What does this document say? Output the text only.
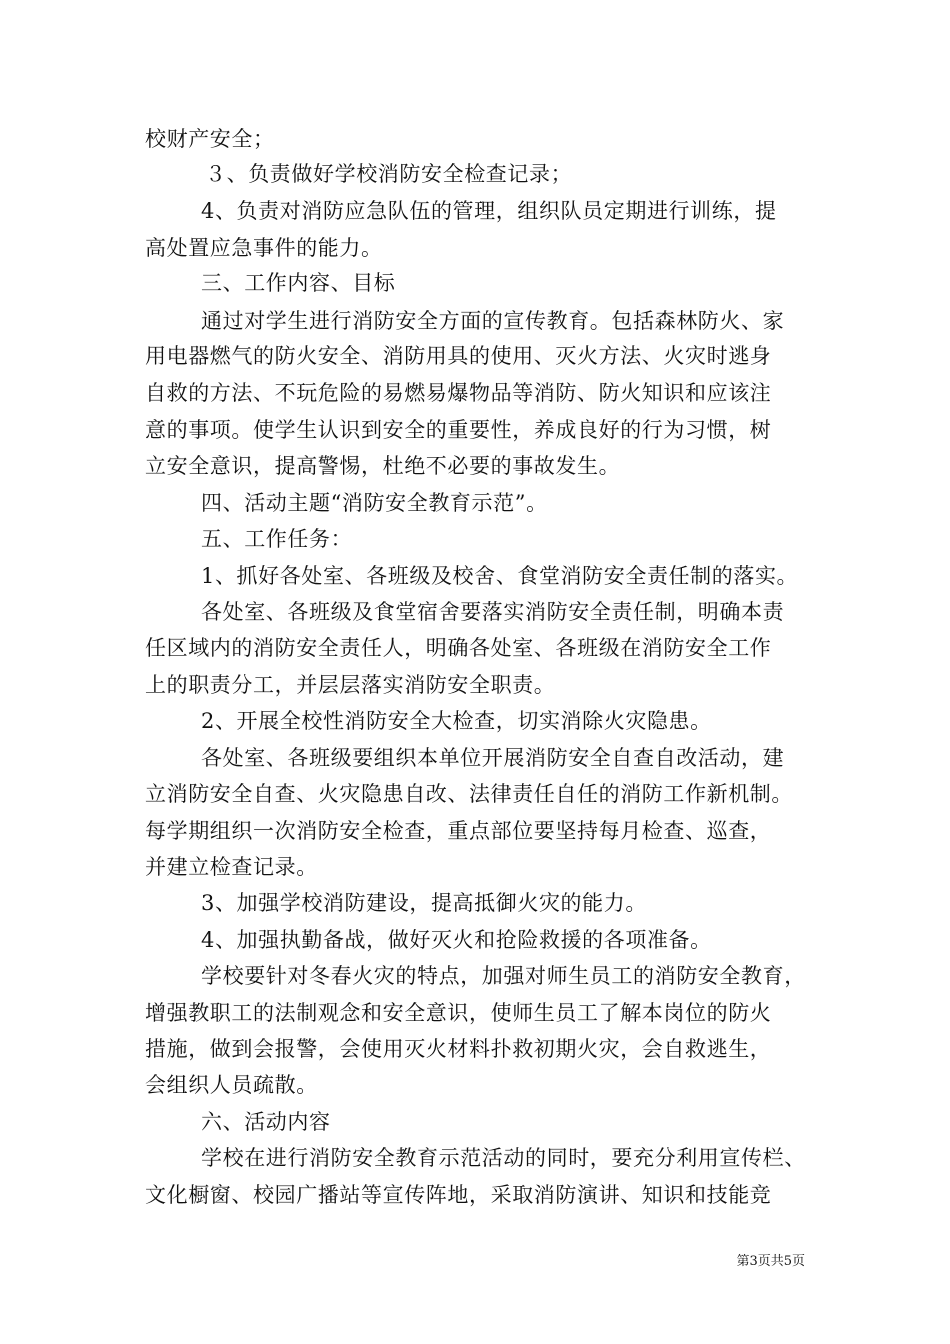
校财产安全；
３、负责做好学校消防安全检查记录；
4、负责对消防应急队伍的管理，组织队员定期进行训练，提
高处置应急事件的能力。
三、工作内容、目标
通过对学生进行消防安全方面的宣传教育。包括森林防火、家
用电器燃气的防火安全、消防用具的使用、灭火方法、火灾时逃身
自救的方法、不玩危险的易燃易爆物品等消防、防火知识和应该注
意的事项。使学生认识到安全的重要性，养成良好的行为习惯，树
立安全意识，提高警惕，杜绝不必要的事故发生。
四、活动主题“消防安全教育示范”。
五、工作任务：
1、抓好各处室、各班级及校舍、食堂消防安全责任制的落实。
各处室、各班级及食堂宿舍要落实消防安全责任制，明确本责
任区域内的消防安全责任人，明确各处室、各班级在消防安全工作
上的职责分工，并层层落实消防安全职责。
2、开展全校性消防安全大检查，切实消除火灾隐患。
各处室、各班级要组织本单位开展消防安全自查自改活动，建
立消防安全自查、火灾隐患自改、法律责任自任的消防工作新机制。
每学期组织一次消防安全检查，重点部位要坚持每月检查、巡查，
并建立检查记录。
3、加强学校消防建设，提高抵御火灾的能力。
4、加强执勤备战，做好灭火和抢险救援的各项准备。
学校要针对冬春火灾的特点，加强对师生员工的消防安全教育，
增强教职工的法制观念和安全意识，使师生员工了解本岗位的防火
措施，做到会报警，会使用灭火材料扑救初期火灾，会自救逃生，
会组织人员疏散。
六、活动内容
学校在进行消防安全教育示范活动的同时，要充分利用宣传栏、
文化橱窗、校园广播站等宣传阵地，采取消防演讲、知识和技能竞
第3页共5页
